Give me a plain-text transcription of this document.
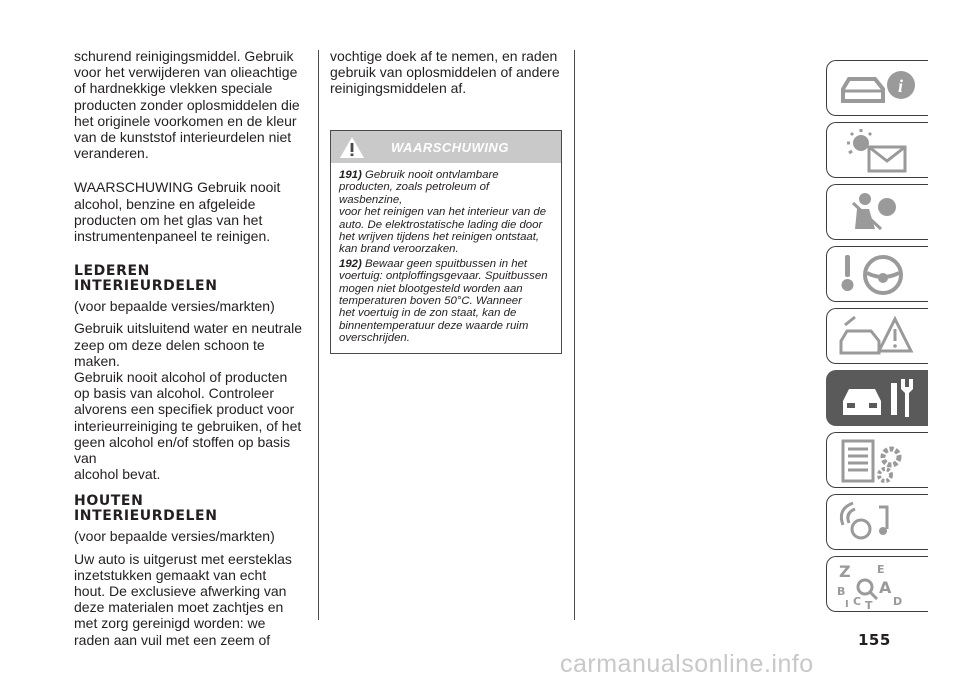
schurend reinigingsmiddel. Gebruik
voor het verwijderen van olieachtige
of hardnekkige vlekken speciale
producten zonder oplosmiddelen die
het originele voorkomen en de kleur
van de kunststof interieurdelen niet
veranderen.

WAARSCHUWING Gebruik nooit
alcohol, benzine en afgeleide
producten om het glas van het
instrumentenpaneel te reinigen.

LEDEREN
INTERIEURDELEN

(voor bepaalde versies/markten)

Gebruik uitsluitend water en neutrale
zeep om deze delen schoon te maken.
Gebruik nooit alcohol of producten
op basis van alcohol. Controleer
alvorens een specifiek product voor
interieurreiniging te gebruiken, of het
geen alcohol en/of stoffen op basis van
alcohol bevat.

HOUTEN
INTERIEURDELEN

(voor bepaalde versies/markten)

Uw auto is uitgerust met eersteklas
inzetstukken gemaakt van echt
hout. De exclusieve afwerking van
deze materialen moet zachtjes en
met zorg gereinigd worden: we
raden aan vuil met een zeem of

vochtige doek af te nemen, en raden
gebruik van oplosmiddelen of andere
reinigingsmiddelen af.

WAARSCHUWING
191) Gebruik nooit ontvlambare
producten, zoals petroleum of wasbenzine,
voor het reinigen van het interieur van de
auto. De elektrostatische lading die door
het wrijven tijdens het reinigen ontstaat,
kan brand veroorzaken.
192) Bewaar geen spuitbussen in het
voertuig: ontploffingsgevaar. Spuitbussen
mogen niet blootgesteld worden aan
temperaturen boven 50°C. Wanneer
het voertuig in de zon staat, kan de
binnentemperatuur deze waarde ruim
overschrijden.
i
Z E
A
B
C	D
I T
155
carmanualsonline.info
